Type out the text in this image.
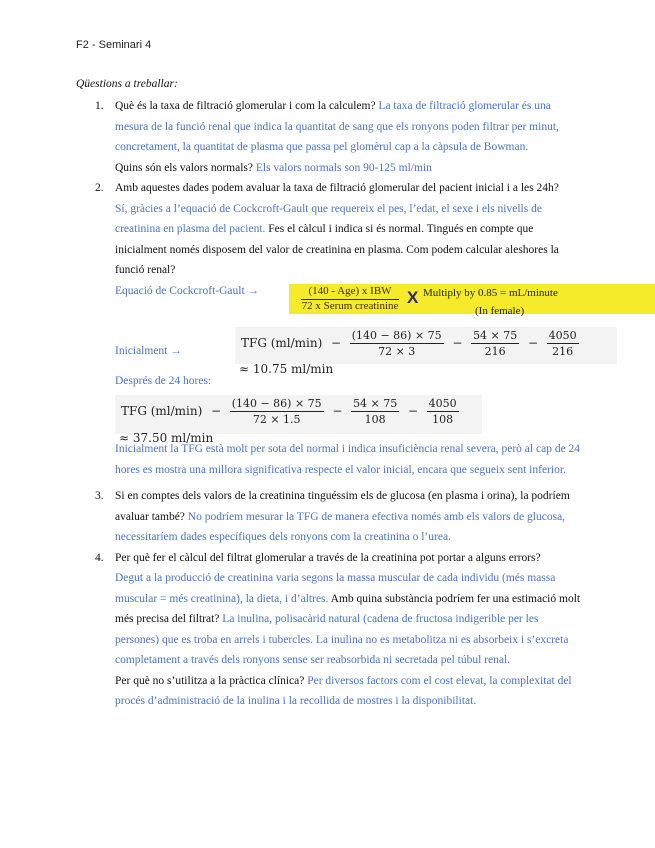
F2 - Seminari 4
Qüestions a treballar:
1. Què és la taxa de filtració glomerular i com la calculem? La taxa de filtració glomerular és una mesura de la funció renal que indica la quantitat de sang que els ronyons poden filtrar per minut, concretament, la quantitat de plasma que passa pel glomèrul cap a la càpsula de Bowman.
Quins són els valors normals? Els valors normals son 90-125 ml/min
2. Amb aquestes dades podem avaluar la taxa de filtració glomerular del pacient inicial i a les 24h?
Sí, gràcies a l’equació de Cockcroft-Gault que requereix el pes, l’edat, el sexe i els nivells de creatinina en plasma del pacient. Fes el càlcul i indica si és normal. Tingués en compte que inicialment només disposem del valor de creatinina en plasma. Com podem calcular aleshores la funció renal?
Equació de Cockcroft-Gault →	(140 - Age) x IBW
72 x Serum creatinine X Multiply by 0.85 = mL/minute
(In female)
Inicialment →
TFG $(ml/\min) - \frac{(140 - 86) \times 75}{72 \times 3} - \frac{54 \times 75}{216} - \frac{4050}{216}$
≈ 10.75 ml/min
Després de 24 hores:
TFG $(ml/\min) - \frac{(140 - 86) \times 75}{72 \times 1.5} - \frac{54 \times 75}{108} - \frac{4050}{108}$
≈ 37.50 ml/min
Inicialment la TFG està molt per sota del normal i indica insuficiència renal severa, però al cap de 24 hores es mostra una millora significativa respecte el valor inicial, encara que segueix sent inferior.
3. Si en comptes dels valors de la creatinina tinguéssim els de glucosa (en plasma i orina), la podríem avaluar també? No podríem mesurar la TFG de manera efectiva només amb els valors de glucosa, necessitaríem dades específiques dels ronyons com la creatinina o l’urea.
4. Per què fer el càlcul del filtrat glomerular a través de la creatinina pot portar a alguns errors?
Degut a la producció de creatinina varia segons la massa muscular de cada individu (més massa muscular = més creatinina), la dieta, i d’altres. Amb quina substància podríem fer una estimació molt més precisa del filtrat? La inulina, polisacàrid natural (cadena de fructosa indigerible per les persones) que es troba en arrels i tubercles. La inulina no es metabolitza ni es absorbeix i s’excreta completament a través dels ronyons sense ser reabsorbida ni secretada pel túbul renal.
Per què no s’utilitza a la pràctica clínica? Per diversos factors com el cost elevat, la complexitat del procés d’administració de la inulina i la recollida de mostres i la disponibilitat.
